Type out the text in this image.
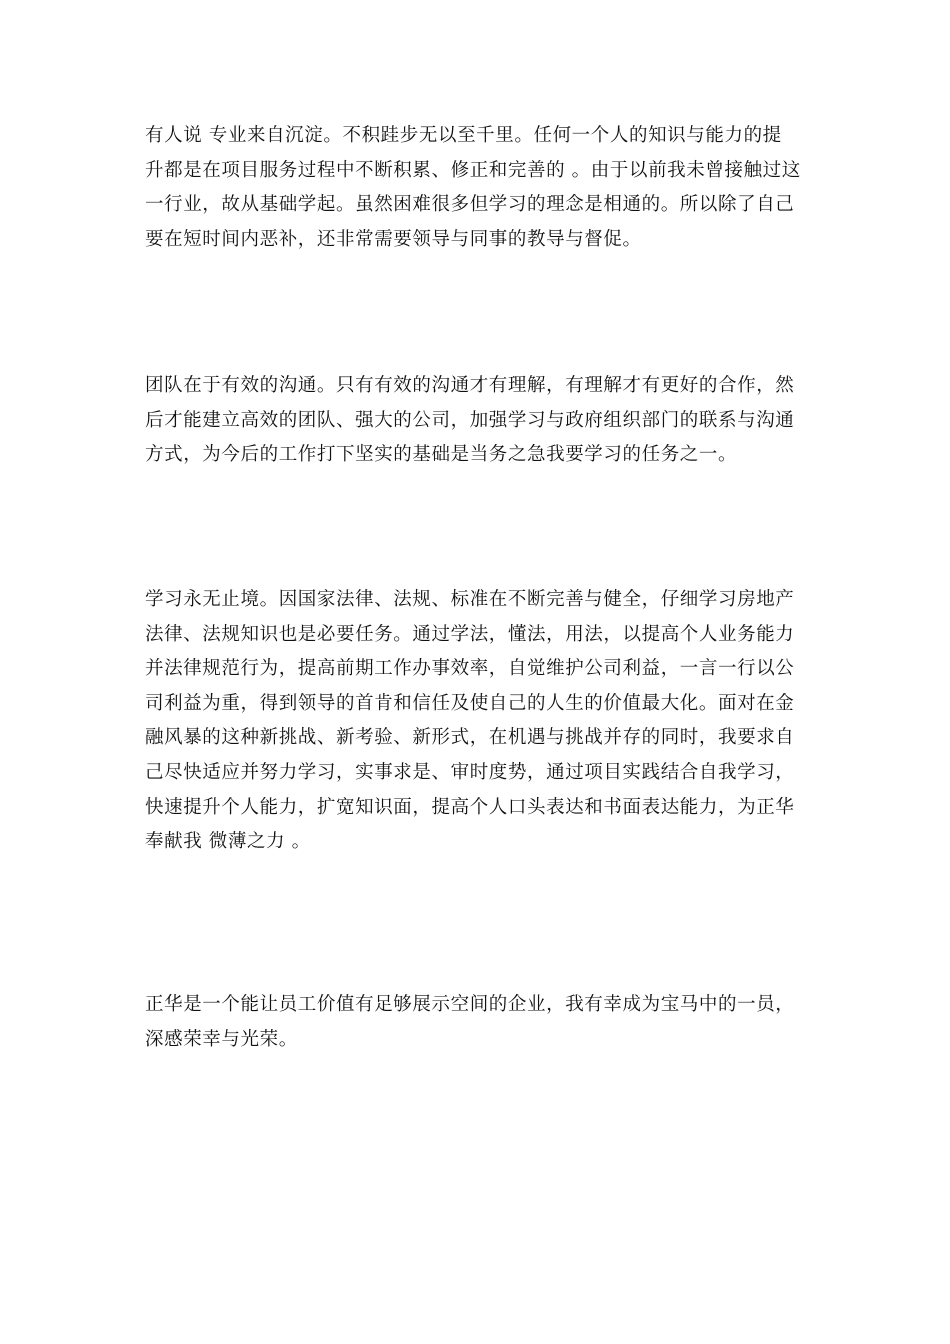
有人说 专业来自沉淀。不积跬步无以至千里。任何一个人的知识与能力的提
升都是在项目服务过程中不断积累、修正和完善的 。由于以前我未曾接触过这
一行业，故从基础学起。虽然困难很多但学习的理念是相通的。所以除了自己
要在短时间内恶补，还非常需要领导与同事的教导与督促。
团队在于有效的沟通。只有有效的沟通才有理解，有理解才有更好的合作，然
后才能建立高效的团队、强大的公司，加强学习与政府组织部门的联系与沟通
方式，为今后的工作打下坚实的基础是当务之急我要学习的任务之一。
学习永无止境。因国家法律、法规、标准在不断完善与健全，仔细学习房地产
法律、法规知识也是必要任务。通过学法，懂法，用法，以提高个人业务能力
并法律规范行为，提高前期工作办事效率，自觉维护公司利益，一言一行以公
司利益为重，得到领导的首肯和信任及使自己的人生的价值最大化。面对在金
融风暴的这种新挑战、新考验、新形式，在机遇与挑战并存的同时，我要求自
己尽快适应并努力学习，实事求是、审时度势，通过项目实践结合自我学习，
快速提升个人能力，扩宽知识面，提高个人口头表达和书面表达能力，为正华
奉献我 微薄之力 。
正华是一个能让员工价值有足够展示空间的企业，我有幸成为宝马中的一员，
深感荣幸与光荣。
